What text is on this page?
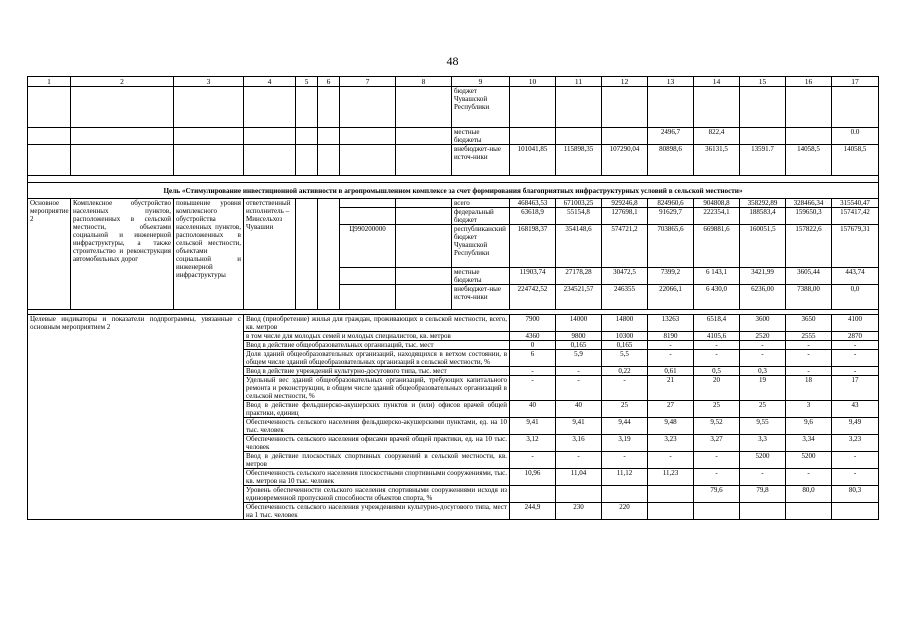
48
1	2	3	4	5	6	7	8	9	10	11	12	13	14	15	16	17
								бюджет Чувашской Республики								
								местные бюджеты				2496,7	822,4			0.0
								внебюджет-ные источ-ники	101041,85	115898,35	107290,04	80898,6	36131,5	13591.7	14058,5	14058,5

Цель «Стимулирование инвестиционной активности в агропромышленном комплексе за счет формирования благоприятных инфраструктурных условий в сельской местности»																
Основное мероприятие 2	Комплексное обустройство населенных пунктов, расположенных в сельской местности, объектами социальной и инженерной инфраструктуры, а также строительство и реконструкция автомобильных дорог	повышение уровня комплексного обустройства населенных пунктов, расположенных в сельской местности, объектами социальной и инженерной инфраструктуры	ответственный исполнитель – Минсельхоз Чувашии					всего	468463,53	671003,25	929246,8	824960,6	904808,8	358292,89	328466,34	315540,47
								федеральный бюджет	63618,9	55154,8	127698,1	91629,7	222354,1	188583,4	159650,3	157417,42
						Ц990200000		республиканский бюджет Чувашской Республики	168198,37	354148,6	574721,2	703865,6	669881,6	160051,5	157822,6	157679,31
								местные бюджеты	11903,74	27178,28	30472,5	7399,2	6 143,1	3421,99	3605,44	443,74
								внебюджет-ные источ-ники	224742,52	234521,57	246355	22066,1	6 430,0	6236,00	7388,00	0,0

Целевые индикаторы и показатели подпрограммы, увязанные с основным мероприятием 2			Ввод (приобретение) жилья для граждан, проживающих в сельской местности, всего, кв. метров						7900	14000	14800	13263	6518,4	3600	3650	4100
			в том числе для молодых семей и молодых специалистов, кв. метров						4360	9800	10300	8190	4105,6	2520	2555	2870
			Ввод в действие общеобразовательных организаций, тыс. мест						0	0,165	0,165	-	-	-	-	-
			Доля зданий общеобразовательных организаций, находящихся в ветхом состоянии, в общем числе зданий общеобразовательных организаций в сельской местности, %						6	5,9	5,5	-	-	-	-	-
			Ввод в действие учреждений культурно-досугового типа, тыс. мест						-	-	0,22	0,61	0,5	0,3	-	-
			Удельный вес зданий общеобразовательных организаций, требующих капитального ремонта и реконструкции, в общем числе зданий общеобразовательных организаций в сельской местности, %						-	-	-	21	20	19	18	17
			Ввод в действие фельдшерско-акушерских пунктов и (или) офисов врачей общей практики, единиц						40	40	25	27	25	25	3	43
			Обеспеченность сельского населения фельдшерско-акушерскими пунктами, ед. на 10 тыс. человек						9,41	9,41	9,44	9,48	9,52	9,55	9,6	9,49
			Обеспеченность сельского населения офисами врачей общей практики, ед. на 10 тыс. человек						3,12	3,16	3,19	3,23	3,27	3,3	3,34	3,23
			Ввод в действие плоскостных спортивных сооружений в сельской местности, кв. метров						-	-	-	-	-	5200	5200	-
			Обеспеченность сельского населения плоскостными спортивными сооружениями, тыс. кв. метров на 10 тыс. человек						10,96	11,04	11,12	11,23	-	-	-	-
			Уровень обеспеченности сельского населения спортивными сооружениями исходя из единовременной пропускной способности объектов спорта, %										79,6	79,8	80,0	80,3
			Обеспеченность сельского населения учреждениями культурно-досугового типа, мест на 1 тыс. человек						244,9	230	220					
